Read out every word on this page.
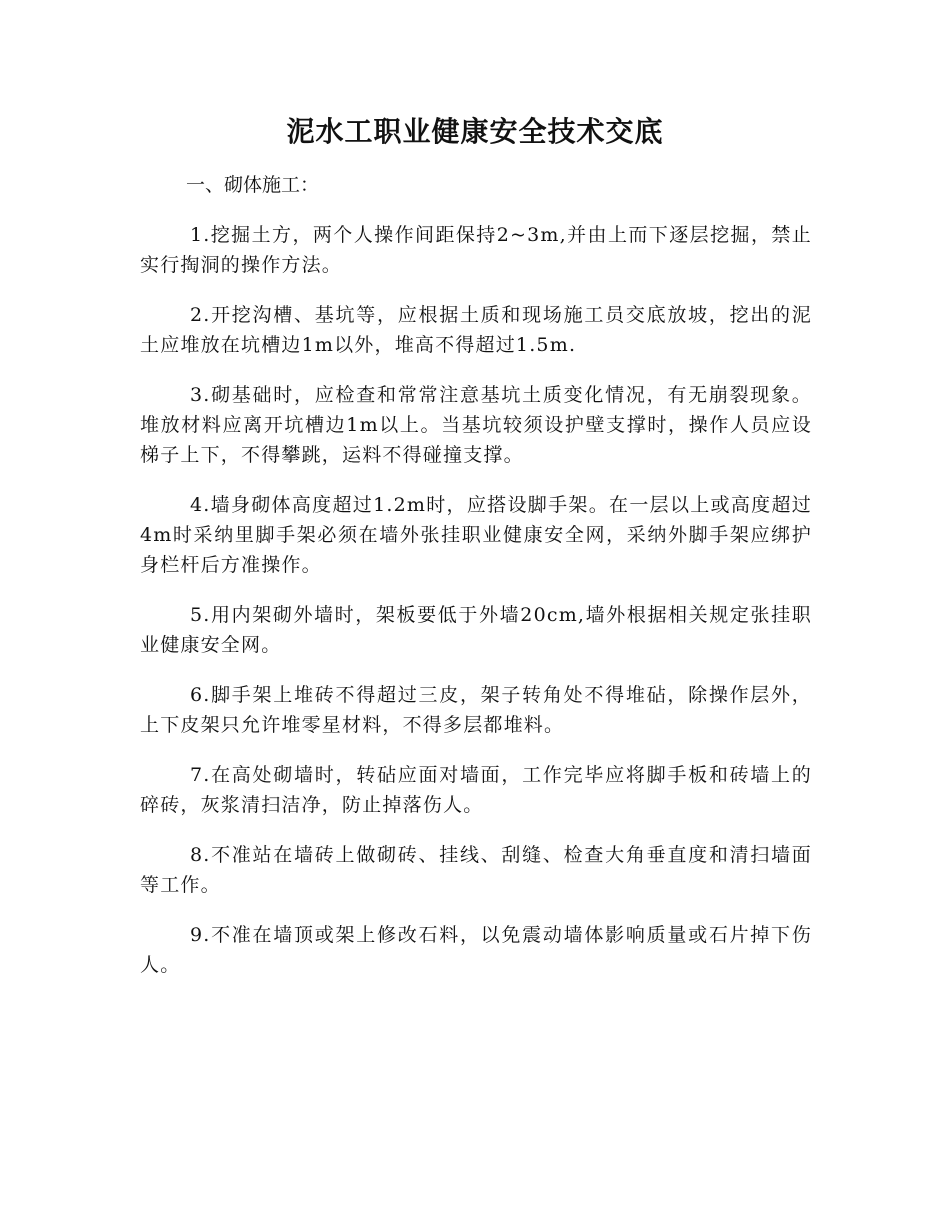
泥水工职业健康安全技术交底

一、砌体施工：

1.挖掘土方，两个人操作间距保持2~3m,并由上而下逐层挖掘，禁止实行掏洞的操作方法。

2.开挖沟槽、基坑等，应根据土质和现场施工员交底放坡，挖出的泥土应堆放在坑槽边1m以外，堆高不得超过1.5m.

3.砌基础时，应检查和常常注意基坑土质变化情况，有无崩裂现象。堆放材料应离开坑槽边1m以上。当基坑较须设护壁支撑时，操作人员应设梯子上下，不得攀跳，运料不得碰撞支撑。

4.墙身砌体高度超过1.2m时，应搭设脚手架。在一层以上或高度超过4m时采纳里脚手架必须在墙外张挂职业健康安全网，采纳外脚手架应绑护身栏杆后方准操作。

5.用内架砌外墙时，架板要低于外墙20cm,墙外根据相关规定张挂职业健康安全网。

6.脚手架上堆砖不得超过三皮，架子转角处不得堆砧，除操作层外，上下皮架只允许堆零星材料，不得多层都堆料。

7.在高处砌墙时，转砧应面对墙面，工作完毕应将脚手板和砖墙上的碎砖，灰浆清扫洁净，防止掉落伤人。

8.不准站在墙砖上做砌砖、挂线、刮缝、检查大角垂直度和清扫墙面等工作。

9.不准在墙顶或架上修改石料，以免震动墙体影响质量或石片掉下伤人。
